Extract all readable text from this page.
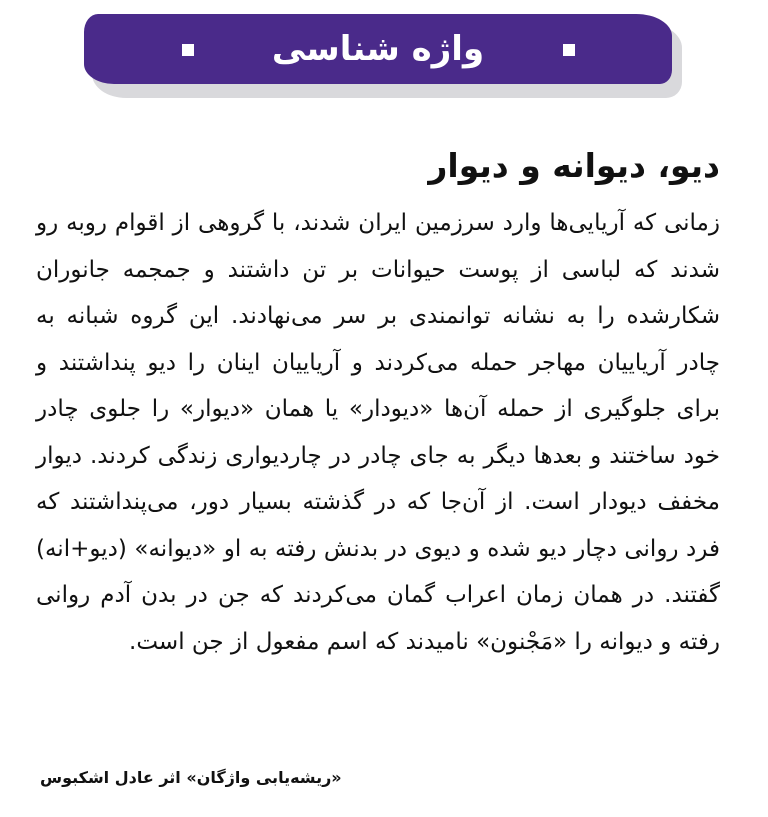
واژه شناسی
دیو، دیوانه و دیوار

زمانی که آریایی‌ها وارد سرزمین ایران شدند، با گروهی از اقوام روبه رو شدند که لباسی از پوست حیوانات بر تن داشتند و جمجمه جانوران شکارشده را به نشانه توانمندی بر سر می‌نهادند. این گروه شبانه به چادر آریاییان مهاجر حمله می‌کردند و آریاییان اینان را دیو پنداشتند و برای جلوگیری از حمله آن‌ها «دیودار» یا همان «دیوار» را جلوی چادر خود ساختند و بعدها دیگر به جای چادر در چاردیواری زندگی کردند. دیوار مخفف دیودار است. از آن‌جا که در گذشته بسیار دور، می‌پنداشتند که فرد روانی دچار دیو شده و دیوی در بدنش رفته به او «دیوانه» (دیو+انه) گفتند. در همان زمان اعراب گمان می‌کردند که جن در بدن آدم روانی رفته و دیوانه را «مَجْنون» نامیدند که اسم مفعول از جن است.

«ریشه‌یابی واژگان» اثر عادل اشکبوس
